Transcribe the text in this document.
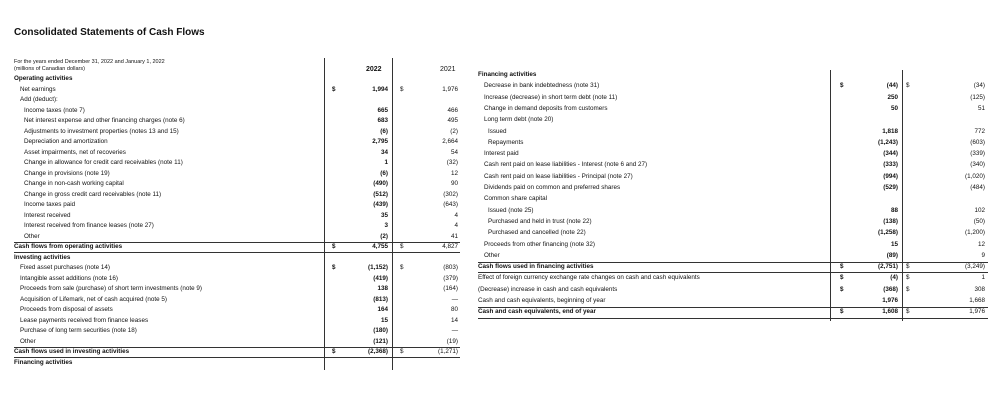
Consolidated Statements of Cash Flows
For the years ended December 31, 2022 and January 1, 2022
(millions of Canadian dollars)	2022	2021
Operating activities
Net earnings	$	1,994 $	1,976
Add (deduct):
Income taxes (note 7)	665	466
Net interest expense and other financing charges (note 6)	683	495
Adjustments to investment properties (notes 13 and 15)	(6)	(2)
Depreciation and amortization	2,795	2,664
Asset impairments, net of recoveries	34	54
Change in allowance for credit card receivables (note 11)	1	(32)
Change in provisions (note 19)	(6)	12
Change in non-cash working capital	(490)	90
Change in gross credit card receivables (note 11)	(512)	(302)
Income taxes paid	(439)	(643)
Interest received	35	4
Interest received from finance leases (note 27)	3	4
Other	(2)	41
Cash flows from operating activities	$	4,755 $	4,827
Investing activities
Fixed asset purchases (note 14)	$	(1,152) $	(803)
Intangible asset additions (note 16)	(419)	(379)
Proceeds from sale (purchase) of short term investments (note 9)	138	(164)
Acquisition of Lifemark, net of cash acquired (note 5)	(813)	—
Proceeds from disposal of assets	164	80
Lease payments received from finance leases	15	14
Purchase of long term securities (note 18)	(180)	—
Other	(121)	(19)
Cash flows used in investing activities	$	(2,368) $	(1,271)
Financing activities
Financing activities
Decrease in bank indebtedness (note 31)	$	(44) $	(34)
Increase (decrease) in short term debt (note 11)	250	(125)
Change in demand deposits from customers	50	51
Long term debt (note 20)
Issued	1,818	772
Repayments	(1,243)	(603)
Interest paid	(344)	(339)
Cash rent paid on lease liabilities - Interest (note 6 and 27)	(333)	(340)
Cash rent paid on lease liabilities - Principal (note 27)	(994)	(1,020)
Dividends paid on common and preferred shares	(529)	(484)
Common share capital
Issued (note 25)	88	102
Purchased and held in trust (note 22)	(138)	(50)
Purchased and cancelled (note 22)	(1,258)	(1,200)
Proceeds from other financing (note 32)	15	12
Other	(89)	9
Cash flows used in financing activities	$	(2,751) $	(3,249)
Effect of foreign currency exchange rate changes on cash and cash equivalents	$	(4) $	1
(Decrease) increase in cash and cash equivalents	$	(368) $	308
Cash and cash equivalents, beginning of year	1,976	1,668
Cash and cash equivalents, end of year	$	1,608 $	1,976
